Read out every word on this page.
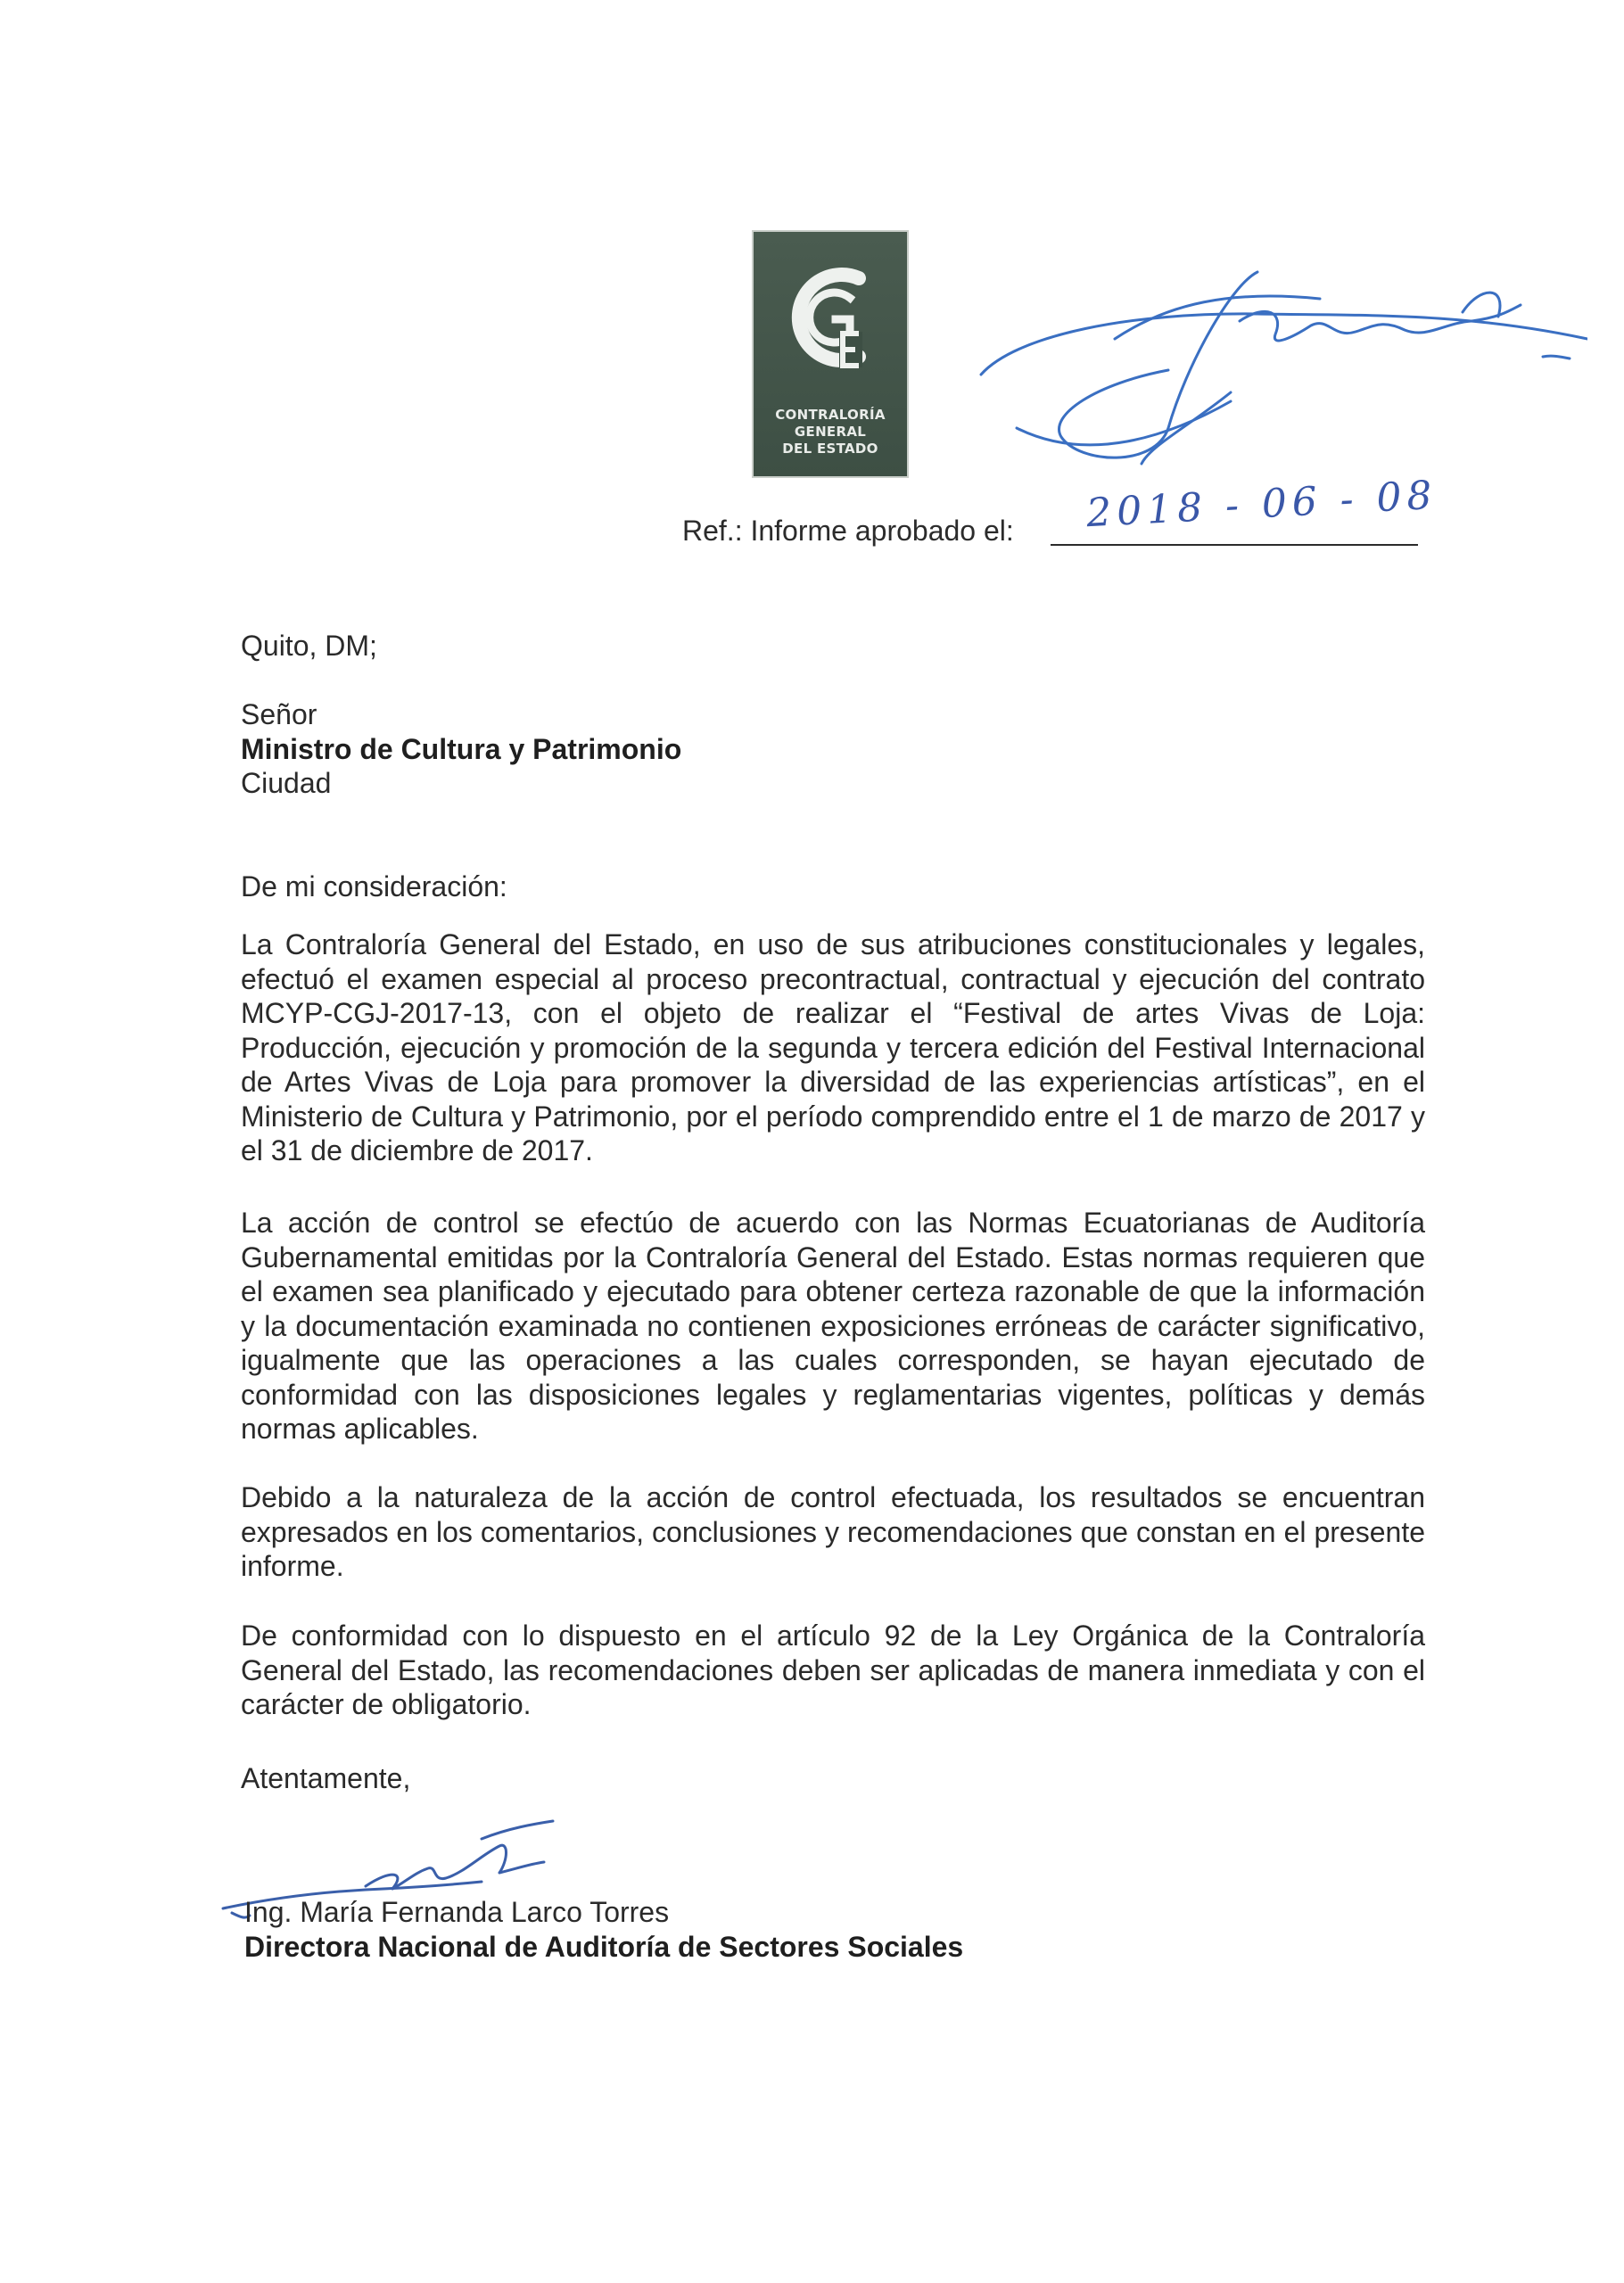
CONTRALORÍA
GENERAL
DEL ESTADO
Ref.: Informe aprobado el: 2018 - 06 - 08
Quito, DM;
Señor
Ministro de Cultura y Patrimonio
Ciudad
De mi consideración:
La Contraloría General del Estado, en uso de sus atribuciones constitucionales y legales, efectuó el examen especial al proceso precontractual, contractual y ejecución del contrato MCYP-CGJ-2017-13, con el objeto de realizar el “Festival de artes Vivas de Loja: Producción, ejecución y promoción de la segunda y tercera edición del Festival Internacional de Artes Vivas de Loja para promover la diversidad de las experiencias artísticas”, en el Ministerio de Cultura y Patrimonio, por el período comprendido entre el 1 de marzo de 2017 y el 31 de diciembre de 2017.
La acción de control se efectúo de acuerdo con las Normas Ecuatorianas de Auditoría Gubernamental emitidas por la Contraloría General del Estado. Estas normas requieren que el examen sea planificado y ejecutado para obtener certeza razonable de que la información y la documentación examinada no contienen exposiciones erróneas de carácter significativo, igualmente que las operaciones a las cuales corresponden, se hayan ejecutado de conformidad con las disposiciones legales y reglamentarias vigentes, políticas y demás normas aplicables.
Debido a la naturaleza de la acción de control efectuada, los resultados se encuentran expresados en los comentarios, conclusiones y recomendaciones que constan en el presente informe.
De conformidad con lo dispuesto en el artículo 92 de la Ley Orgánica de la Contraloría General del Estado, las recomendaciones deben ser aplicadas de manera inmediata y con el carácter de obligatorio.
Atentamente,
Ing. María Fernanda Larco Torres
Directora Nacional de Auditoría de Sectores Sociales
